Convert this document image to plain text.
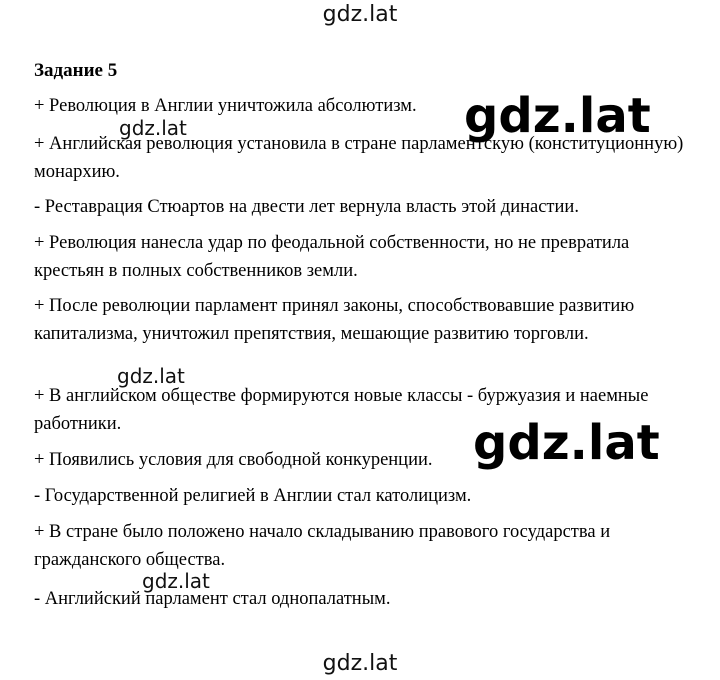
gdz.lat
Задание 5

+ Революция в Англии уничтожила абсолютизм.

+ Английская революция установила в стране парламентскую (конституционную) монархию.

- Реставрация Стюартов на двести лет вернула власть этой династии.

+ Революция нанесла удар по феодальной собственности, но не превратила крестьян в полных собственников земли.

+ После революции парламент принял законы, способствовавшие развитию капитализма, уничтожил препятствия, мешающие развитию торговли.

+ В английском обществе формируются новые классы - буржуазия и наемные работники.

+ Появились условия для свободной конкуренции.

- Государственной религией в Англии стал католицизм.

+ В стране было положено начало складыванию правового государства и гражданского общества.

- Английский парламент стал однопалатным.

gdz.lat
gdz.lat
gdz.lat
gdz.lat
gdz.lat
gdz.lat
